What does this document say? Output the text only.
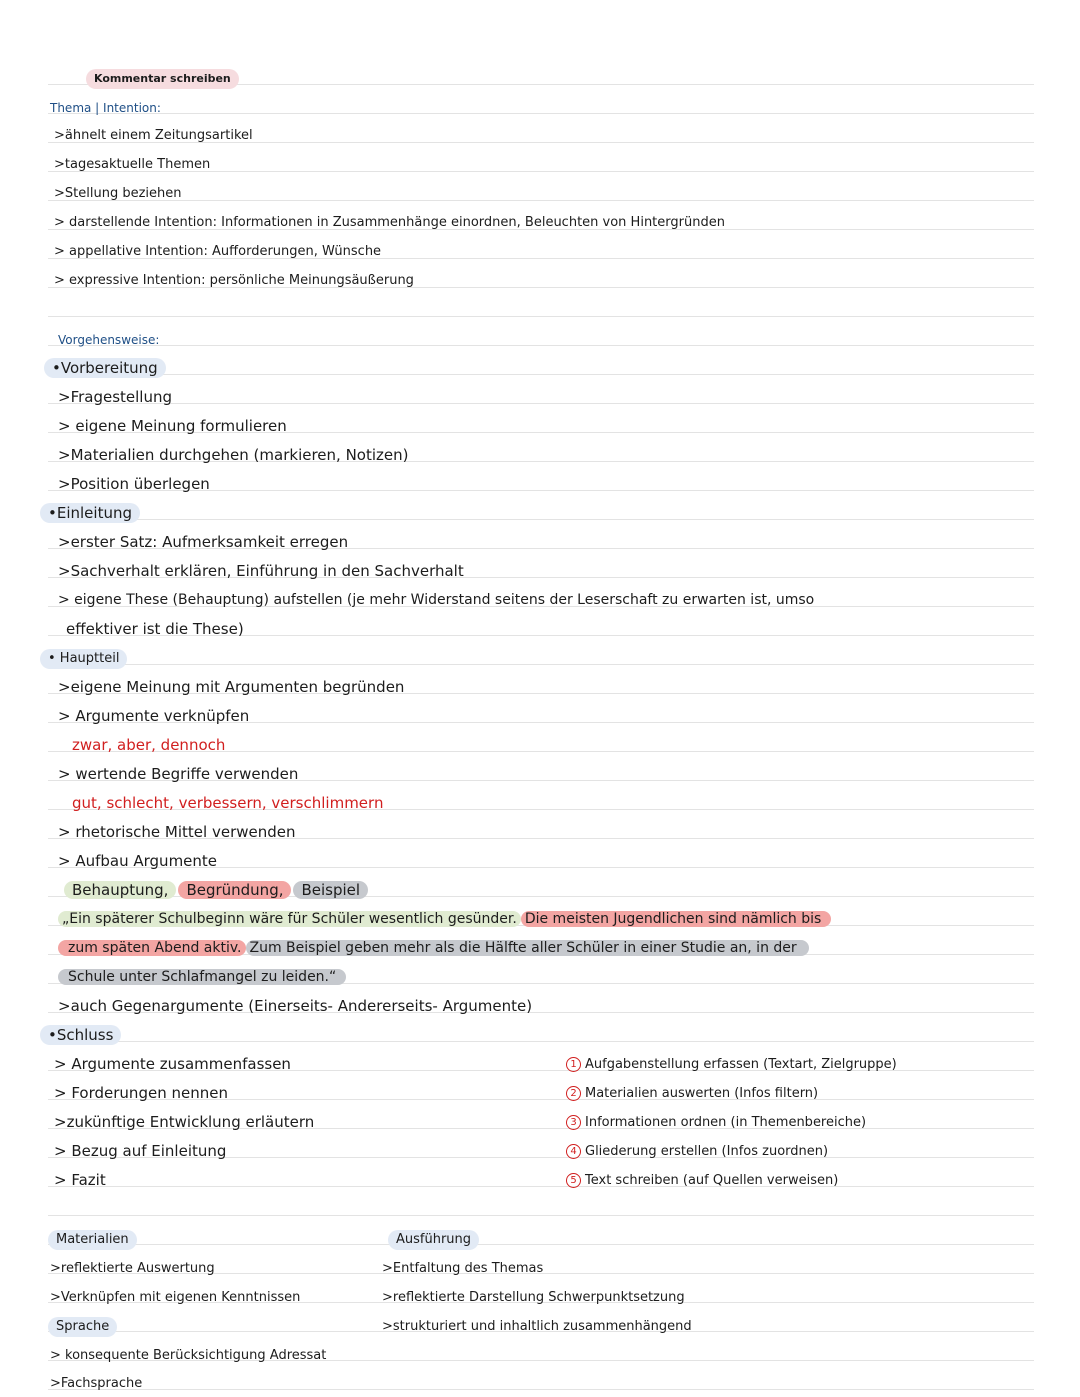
Kommentar schreiben
Thema | Intention:
>ähnelt einem Zeitungsartikel
>tagesaktuelle Themen
>Stellung beziehen
> darstellende Intention: Informationen in Zusammenhänge einordnen, Beleuchten von Hintergründen
> appellative Intention: Aufforderungen, Wünsche
> expressive Intention: persönliche Meinungsäußerung
Vorgehensweise:
•Vorbereitung
>Fragestellung
> eigene Meinung formulieren
>Materialien durchgehen (markieren, Notizen)
>Position überlegen
•Einleitung
>erster Satz: Aufmerksamkeit erregen
>Sachverhalt erklären, Einführung in den Sachverhalt
> eigene These (Behauptung) aufstellen (je mehr Widerstand seitens der Leserschaft zu erwarten ist, umso
effektiver ist die These)
• Hauptteil
>eigene Meinung mit Argumenten begründen
> Argumente verknüpfen
zwar, aber, dennoch
> wertende Begriffe verwenden
gut, schlecht, verbessern, verschlimmern
> rhetorische Mittel verwenden
> Aufbau Argumente
Behauptung, Begründung, Beispiel
„Ein späterer Schulbeginn wäre für Schüler wesentlich gesünder. Die meisten Jugendlichen sind nämlich bis
zum späten Abend aktiv. Zum Beispiel geben mehr als die Hälfte aller Schüler in einer Studie an, in der
Schule unter Schlafmangel zu leiden.“
>auch Gegenargumente (Einerseits- Andererseits- Argumente)
•Schluss
> Argumente zusammenfassen
> Forderungen nennen
>zukünftige Entwicklung erläutern
> Bezug auf Einleitung
> Fazit
1 Aufgabenstellung erfassen (Textart, Zielgruppe)
2 Materialien auswerten (Infos filtern)
3 Informationen ordnen (in Themenbereiche)
4 Gliederung erstellen (Infos zuordnen)
5 Text schreiben (auf Quellen verweisen)
Materialien
>reflektierte Auswertung
>Verknüpfen mit eigenen Kenntnissen
Sprache
> konsequente Berücksichtigung Adressat
>Fachsprache
Ausführung
>Entfaltung des Themas
>reflektierte Darstellung Schwerpunktsetzung
>strukturiert und inhaltlich zusammenhängend
